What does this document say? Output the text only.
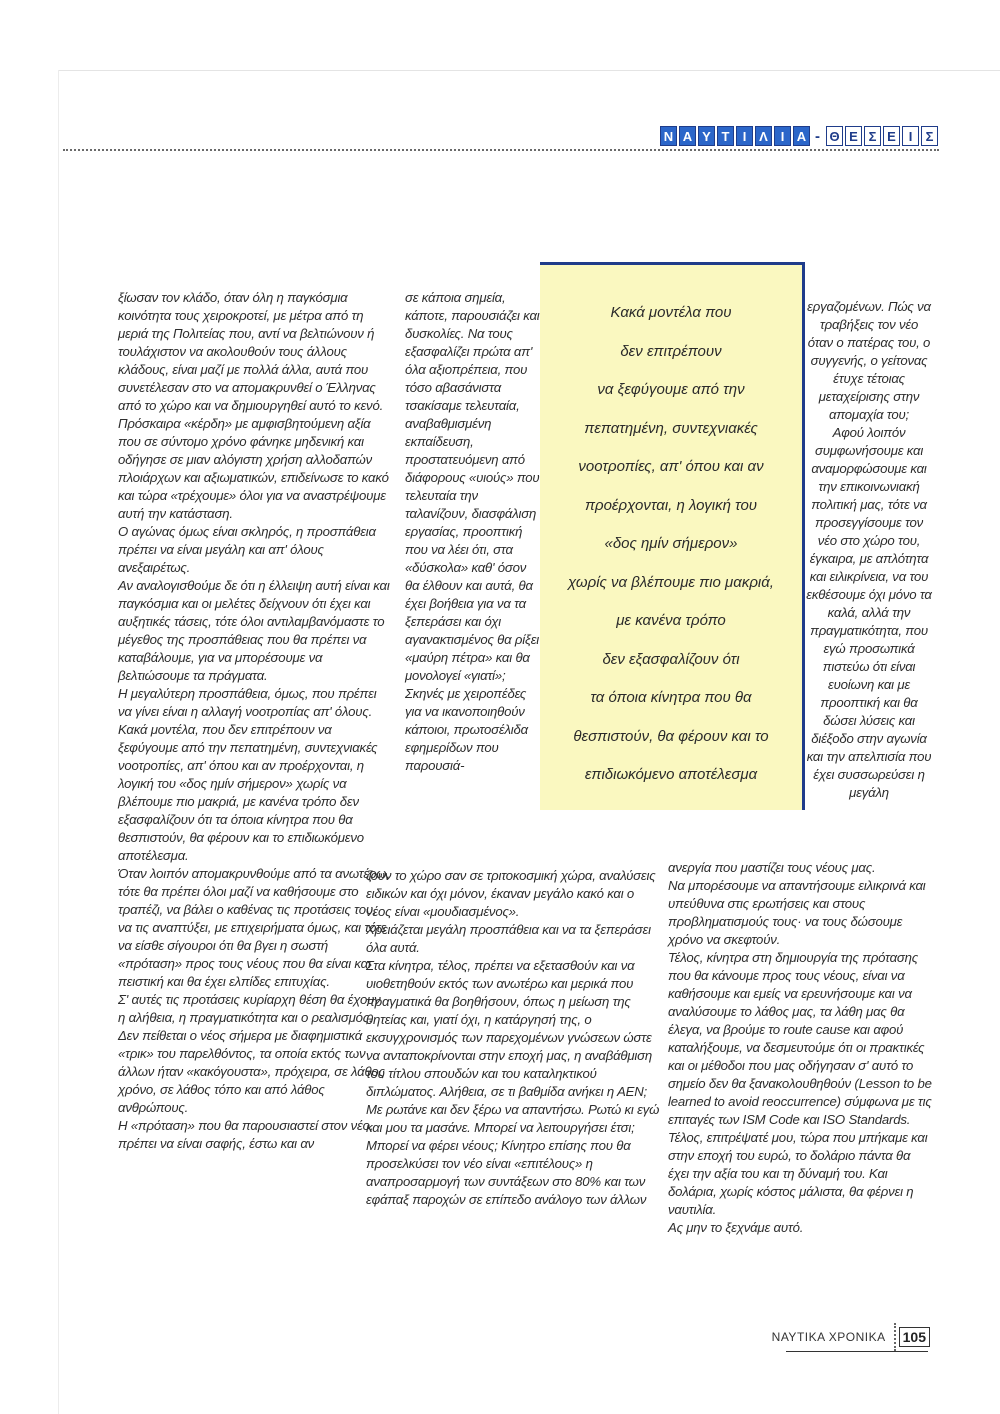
Ν Α Υ Τ	Ι Λ Ι Α - Θ Ε Σ Ε Ι	Σ

ξίωσαν τον κλάδο, όταν όλη η παγκόσμια κοινότητα τους χειροκροτεί, με μέτρα από τη μεριά της Πολιτείας που, αντί να βελτιώνουν ή τουλάχιστον να ακολουθούν τους άλλους κλάδους, είναι μαζί με πολλά άλλα, αυτά που συνετέλεσαν στο να απομακρυνθεί ο Έλληνας από το χώρο και να δημιουργηθεί αυτό το κενό.

Πρόσκαιρα «κέρδη» με αμφισβητούμενη αξία που σε σύντομο χρόνο φάνηκε μηδενική και οδήγησε σε μιαν αλόγιστη χρήση αλλοδαπών πλοιάρχων και αξιωματικών, επιδείνωσε το κακό και τώρα «τρέχουμε» όλοι για να αναστρέψουμε αυτή την κατάσταση.

Ο αγώνας όμως είναι σκληρός, η προσπάθεια πρέπει να είναι μεγάλη και απ' όλους ανεξαιρέτως.

Αν αναλογισθούμε δε ότι η έλλειψη αυτή είναι και παγκόσμια και οι μελέτες δείχνουν ότι έχει και αυξητικές τάσεις, τότε όλοι αντιλαμβανόμαστε το μέγεθος της προσπάθειας που θα πρέπει να καταβάλουμε, για να μπορέσουμε να βελτιώσουμε τα πράγματα.

Η μεγαλύτερη προσπάθεια, όμως, που πρέπει να γίνει είναι η αλλαγή νοοτροπίας απ' όλους. Κακά μοντέλα, που δεν επιτρέπουν να ξεφύγουμε από την πεπατημένη, συντεχνιακές νοοτροπίες, απ' όπου και αν προέρχονται, η λογική του «δος ημίν σήμερον» χωρίς να βλέπουμε πιο μακριά, με κανένα τρόπο δεν εξασφαλίζουν ότι τα όποια κίνητρα που θα θεσπιστούν, θα φέρουν και το επιδιωκόμενο αποτέλεσμα.

Όταν λοιπόν απομακρυνθούμε από τα ανωτέρω, τότε θα πρέπει όλοι μαζί να καθήσουμε στο τραπέζι, να βάλει ο καθένας τις προτάσεις του, να τις αναπτύξει, με επιχειρήματα όμως, και τότε να είσθε σίγουροι ότι θα βγει η σωστή «πρόταση» προς τους νέους που θα είναι και πειστική και θα έχει ελπίδες επιτυχίας.

Σ' αυτές τις προτάσεις κυρίαρχη θέση θα έχουν η αλήθεια, η πραγματικότητα και ο ρεαλισμός. Δεν πείθεται ο νέος σήμερα με διαφημιστικά «τρικ» του παρελθόντος, τα οποία εκτός των άλλων ήταν «κακόγουστα», πρόχειρα, σε λάθος χρόνο, σε λάθος τόπο και από λάθος ανθρώπους.

Η «πρόταση» που θα παρουσιαστεί στον νέο, πρέπει να είναι σαφής, έστω και αν

σε κάποια σημεία, κάποτε, παρουσιάζει και δυσκολίες. Να τους εξασφαλίζει πρώτα απ' όλα αξιοπρέπεια, που τόσο αβασάνιστα τσακίσαμε τελευταία, αναβαθμισμένη εκπαίδευση, προστατευόμενη από διάφορους «υιούς» που τελευταία την ταλανίζουν, διασφάλιση εργασίας, προοπτική που να λέει ότι, στα «δύσκολα» καθ' όσον θα έλθουν και αυτά, θα έχει βοήθεια για να τα ξεπεράσει και όχι αγανακτισμένος θα ρίξει «μαύρη πέτρα» και θα μονολογεί «γιατί»;

Σκηνές με χειροπέδες για να ικανοποιηθούν κάποιοι, πρωτοσέλιδα εφημερίδων που παρουσιά-

ζουν το χώρο σαν σε τριτοκοσμική χώρα, αναλύσεις ειδικών και όχι μόνον, έκαναν μεγάλο κακό και ο νέος είναι «μουδιασμένος».

Χρειάζεται μεγάλη προσπάθεια και να τα ξεπεράσει όλα αυτά.

Στα κίνητρα, τέλος, πρέπει να εξετασθούν και να υιοθετηθούν εκτός των ανωτέρω και μερικά που πραγματικά θα βοηθήσουν, όπως η μείωση της θητείας και, γιατί όχι, η κατάργησή της, ο εκσυγχρονισμός των παρεχομένων γνώσεων ώστε να ανταποκρίνονται στην εποχή μας, η αναβάθμιση του τίτλου σπουδών και του καταληκτικού διπλώματος. Αλήθεια, σε τι βαθμίδα ανήκει η ΑΕΝ; Με ρωτάνε και δεν ξέρω να απαντήσω. Ρωτώ κι εγώ και μου τα μασάνε. Μπορεί να λειτουργήσει έτσι; Μπορεί να φέρει νέους; Κίνητρο επίσης που θα προσελκύσει τον νέο είναι «επιτέλους» η αναπροσαρμογή των συντάξεων στο 80% και των εφάπαξ παροχών σε επίπεδο ανάλογο των άλλων

Κακά μοντέλα που
δεν επιτρέπουν
να ξεφύγουμε από την
πεπατημένη, συντεχνιακές
νοοτροπίες, απ' όπου και αν
προέρχονται, η λογική του
«δος ημίν σήμερον»
χωρίς να βλέπουμε πιο μακριά,
με κανένα τρόπο
δεν εξασφαλίζουν ότι
τα όποια κίνητρα που θα
θεσπιστούν, θα φέρουν και το
επιδιωκόμενο αποτέλεσμα

εργαζομένων. Πώς να τραβήξεις τον νέο όταν ο πατέρας του, ο συγγενής, ο γείτονας έτυχε τέτοιας μεταχείρισης στην απομαχία του;

Αφού λοιπόν συμφωνήσουμε και αναμορφώσουμε και την επικοινωνιακή πολιτική μας, τότε να προσεγγίσουμε τον νέο στο χώρο του, έγκαιρα, με απλότητα και ειλικρίνεια, να του εκθέσουμε όχι μόνο τα καλά, αλλά την πραγματικότητα, που εγώ προσωπικά πιστεύω ότι είναι ευοίωνη και με προοπτική και θα δώσει λύσεις και διέξοδο στην αγωνία και την απελπισία που έχει συσσωρεύσει η μεγάλη

ανεργία που μαστίζει τους νέους μας.

Να μπορέσουμε να απαντήσουμε ειλικρινά και υπεύθυνα στις ερωτήσεις και στους προβληματισμούς τους· να τους δώσουμε χρόνο να σκεφτούν.

Τέλος, κίνητρα στη δημιουργία της πρότασης που θα κάνουμε προς τους νέους, είναι να καθήσουμε και εμείς να ερευνήσουμε και να αναλύσουμε το λάθος μας, τα λάθη μας θα έλεγα, να βρούμε το route cause και αφού καταλήξουμε, να δεσμευτούμε ότι οι πρακτικές και οι μέθοδοι που μας οδήγησαν σ' αυτό το σημείο δεν θα ξανακολουθηθούν (Lesson to be learned to avoid reoccurrence) σύμφωνα με τις επιταγές των ISM Code και ISO Standards.

Τέλος, επιτρέψατέ μου, τώρα που μπήκαμε και στην εποχή του ευρώ, το δολάριο πάντα θα έχει την αξία του και τη δύναμή του. Και δολάρια, χωρίς κόστος μάλιστα, θα φέρνει η ναυτιλία.

Ας μην το ξεχνάμε αυτό.

ΝΑΥΤΙΚΑ ΧΡΟΝΙΚΑ 105
